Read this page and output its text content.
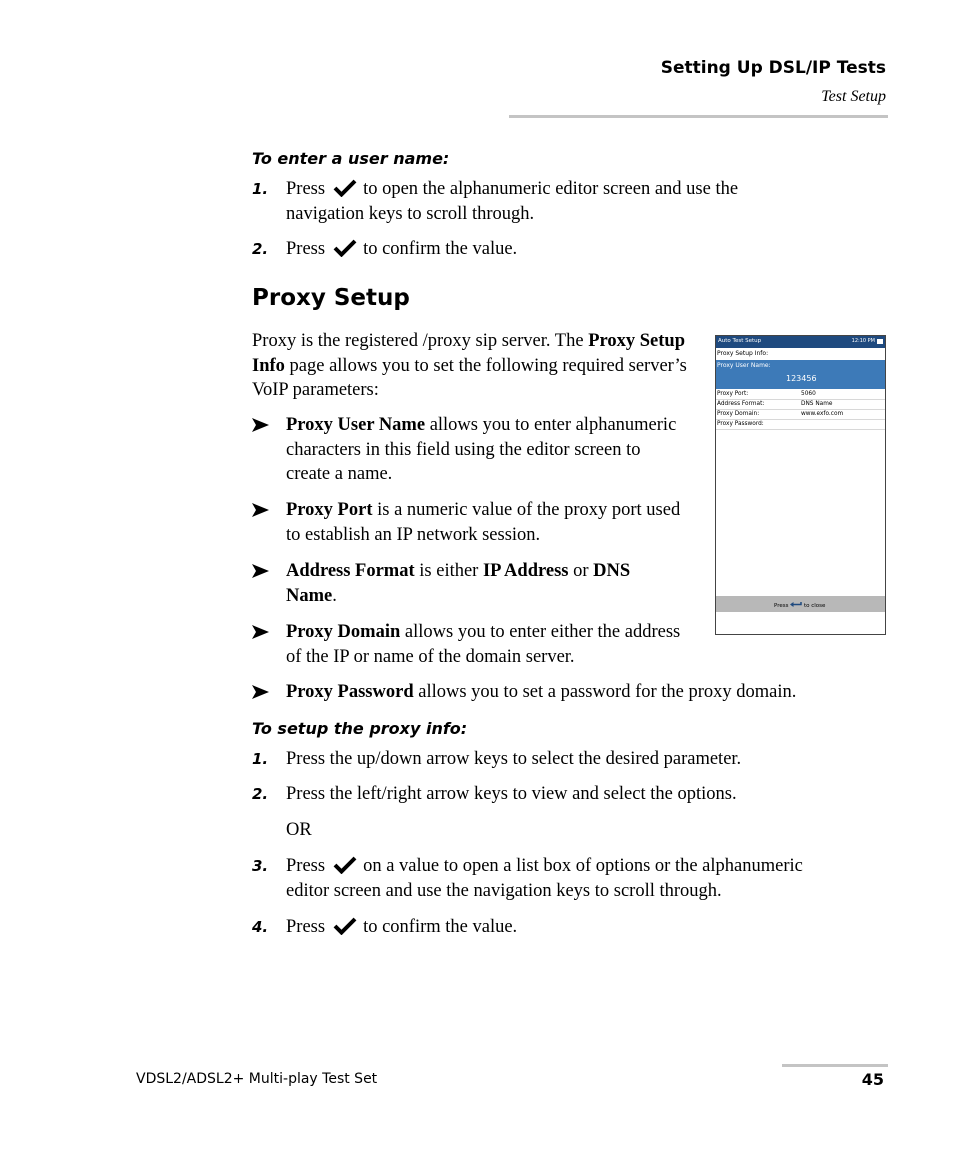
Setting Up DSL/IP Tests
Test Setup
To enter a user name:
1. Press to open the alphanumeric editor screen and use the
navigation keys to scroll through.
2. Press to confirm the value.
Proxy Setup
Proxy is the registered /proxy sip server. The Proxy Setup Info page allows you to set the following required server’s VoIP parameters:
Proxy User Name allows you to enter alphanumeric characters in this field using the editor screen to create a name.
Proxy Port is a numeric value of the proxy port used to establish an IP network session.
Address Format is either IP Address or DNS Name.
Proxy Domain allows you to enter either the address of the IP or name of the domain server.
Proxy Password allows you to set a password for the proxy domain.
Auto Test Setup	12:10 PM
Proxy Setup Info:
Proxy User Name:
123456
Proxy Port:	5060
Address Format:	DNS Name
Proxy Domain:	www.exfo.com
Proxy Password:
Press	to close
To setup the proxy info:
1. Press the up/down arrow keys to select the desired parameter.
2. Press the left/right arrow keys to view and select the options.
OR
3. Press on a value to open a list box of options or the alphanumeric
editor screen and use the navigation keys to scroll through.
4. Press to confirm the value.
VDSL2/ADSL2+ Multi-play Test Set	45
